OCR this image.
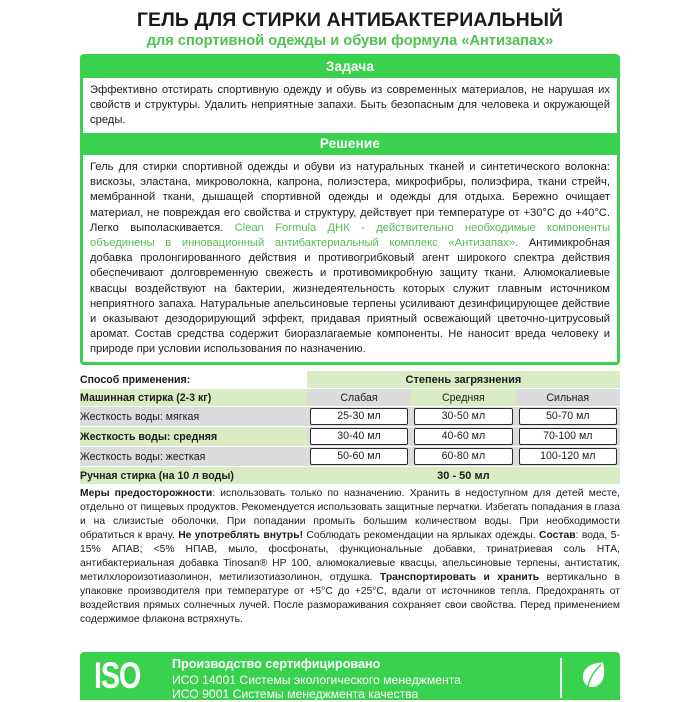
ГЕЛЬ ДЛЯ СТИРКИ АНТИБАКТЕРИАЛЬНЫЙ
для спортивной одежды и обуви формула «Антизапах»
Задача

Эффективно отстирать спортивную одежду и обувь из современных материалов, не нарушая их свойств и структуры. Удалить неприятные запахи. Быть безопасным для человека и окружающей среды.

Решение

Гель для стирки спортивной одежды и обуви из натуральных тканей и синтетического волокна: вискозы, эластана, микроволокна, капрона, полиэстера, микрофибры, полиэфира, ткани стрейч, мембранной ткани, дышащей спортивной одежды и одежды для отдыха. Бережно очищает материал, не повреждая его свойства и структуру, действует при температуре от +30°C до +40°C. Легко выполаскивается. Clean Formula ДНК - действительно необходимые компоненты объединены в инновационный антибактериальный комплекс «Антизапах». Антимикробная добавка пролонгированного действия и противогрибковый агент широкого спектра действия обеспечивают долговременную свежесть и противомикробную защиту ткани. Алюмокалиевые квасцы воздействуют на бактерии, жизнедеятельность которых служит главным источником неприятного запаха. Натуральные апельсиновые терпены усиливают дезинфицирующее действие и оказывают дезодорирующий эффект, придавая приятный освежающий цветочно-цитрусовый аромат. Состав средства содержит биоразлагаемые компоненты. Не наносит вреда человеку и природе при условии использования по назначению.

Способ применения:	Степень загрязнения		
Машинная стирка (2-3 кг)	Слабая	Средняя	Сильная
Жесткость воды: мягкая	25-30 мл	30-50 мл	50-70 мл

Жесткость воды: средняя	30-40 мл	40-60 мл	70-100 мл

Жесткость воды: жесткая	50-60 мл	60-80 мл	100-120 мл

Ручная стирка (на 10 л воды)	30 - 50 мл		

Меры предосторожности: использовать только по назначению. Хранить в недоступном для детей месте, отдельно от пищевых продуктов. Рекомендуется использовать защитные перчатки. Избегать попадания в глаза и на слизистые оболочки. При попадании промыть большим количеством воды. При необходимости обратиться к врачу. Не употреблять внутрь! Соблюдать рекомендации на ярлыках одежды. Состав: вода, 5-15% АПАВ; <5% НПАВ, мыло, фосфонаты, функциональные добавки, тринатриевая соль НТА, антибактериальная добавка Tinosan® HP 100, алюмокалиевые квасцы, апельсиновые терпены, антистатик, метилхлороизотиазолинон, метилизотиазолинон, отдушка. Транспортировать и хранить вертикально в упаковке производителя при температуре от +5°C до +25°C, вдали от источников тепла. Предохранять от воздействия прямых солнечных лучей. После размораживания сохраняет свои свойства. Перед применением содержимое флакона встряхнуть.

ISO	Производство сертифицировано
ИСО 14001 Системы экологического менеджмента
ИСО 9001 Системы менеджмента качества
